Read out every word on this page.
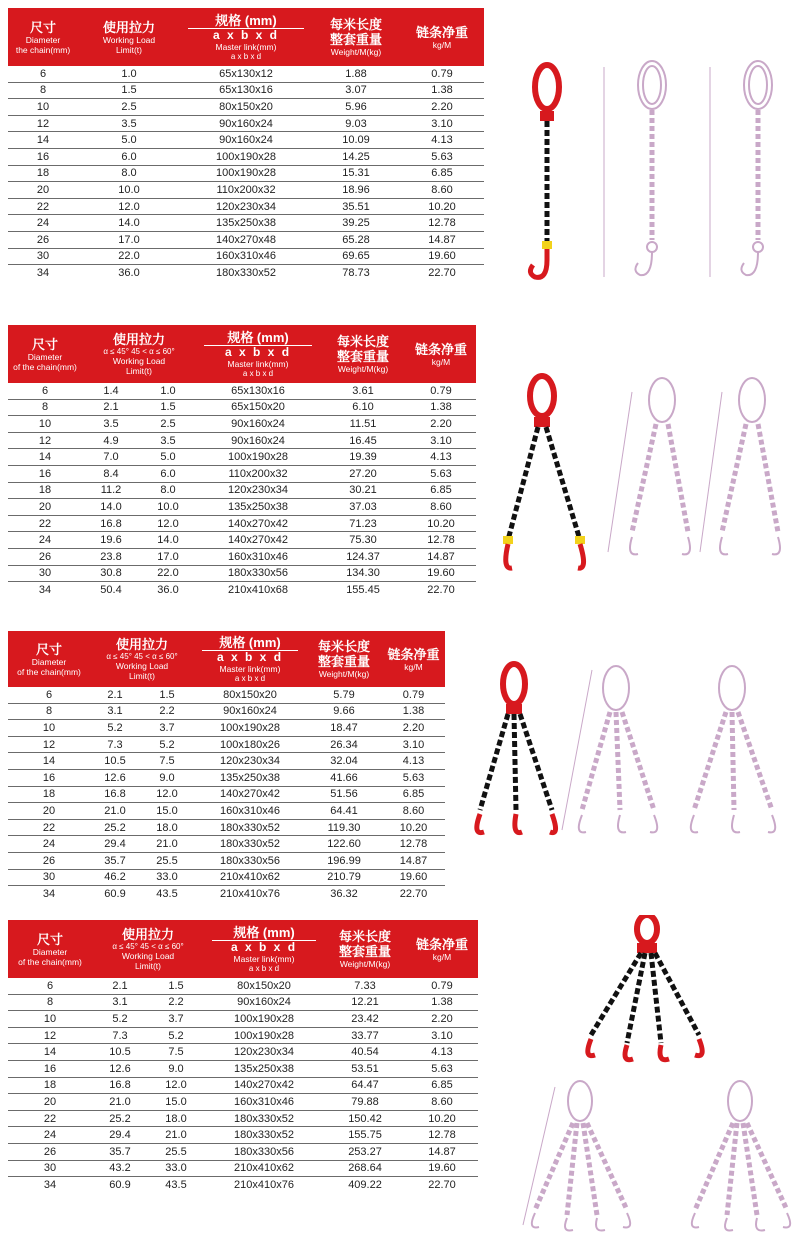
尺寸
Diameter
the chain(mm)	使用拉力
Working Load
Limit(t)	规格 (mm)
a x b x d
Master link(mm)
a x b x d	每米长度
整套重量
Weight/M(kg)	链条净重
kg/M

6	1.0	65x130x12	1.88	0.79
8	1.5	65x130x16	3.07	1.38
10	2.5	80x150x20	5.96	2.20
12	3.5	90x160x24	9.03	3.10
14	5.0	90x160x24	10.09	4.13
16	6.0	100x190x28	14.25	5.63
18	8.0	100x190x28	15.31	6.85
20	10.0	110x200x32	18.96	8.60
22	12.0	120x230x34	35.51	10.20
24	14.0	135x250x38	39.25	12.78
26	17.0	140x270x48	65.28	14.87
30	22.0	160x310x46	69.65	19.60
34	36.0	180x330x52	78.73	22.70
尺寸
Diameter
of the chain(mm)	使用拉力
α ≤ 45° 45 < α ≤ 60°
Working Load
Limit(t)		规格 (mm)
a x b x d
Master link(mm)
a x b x d	每米长度
整套重量
Weight/M(kg)	链条净重
kg/M

6	1.4	1.0	65x130x16	3.61	0.79
8	2.1	1.5	65x150x20	6.10	1.38
10	3.5	2.5	90x160x24	11.51	2.20
12	4.9	3.5	90x160x24	16.45	3.10
14	7.0	5.0	100x190x28	19.39	4.13
16	8.4	6.0	110x200x32	27.20	5.63
18	11.2	8.0	120x230x34	30.21	6.85
20	14.0	10.0	135x250x38	37.03	8.60
22	16.8	12.0	140x270x42	71.23	10.20
24	19.6	14.0	140x270x42	75.30	12.78
26	23.8	17.0	160x310x46	124.37	14.87
30	30.8	22.0	180x330x56	134.30	19.60
34	50.4	36.0	210x410x68	155.45	22.70
尺寸
Diameter
of the chain(mm)	使用拉力
α ≤ 45° 45 < α ≤ 60°
Working Load
Limit(t)		规格 (mm)
a x b x d
Master link(mm)
a x b x d	每米长度
整套重量
Weight/M(kg)	链条净重
kg/M

6	2.1	1.5	80x150x20	5.79	0.79
8	3.1	2.2	90x160x24	9.66	1.38
10	5.2	3.7	100x190x28	18.47	2.20
12	7.3	5.2	100x180x26	26.34	3.10
14	10.5	7.5	120x230x34	32.04	4.13
16	12.6	9.0	135x250x38	41.66	5.63
18	16.8	12.0	140x270x42	51.56	6.85
20	21.0	15.0	160x310x46	64.41	8.60
22	25.2	18.0	180x330x52	119.30	10.20
24	29.4	21.0	180x330x52	122.60	12.78
26	35.7	25.5	180x330x56	196.99	14.87
30	46.2	33.0	210x410x62	210.79	19.60
34	60.9	43.5	210x410x76	36.32	22.70
尺寸
Diameter
of the chain(mm)	使用拉力
α ≤ 45° 45 < α ≤ 60°
Working Load
Limit(t)		规格 (mm)
a x b x d
Master link(mm)
a x b x d	每米长度
整套重量
Weight/M(kg)	链条净重
kg/M

6	2.1	1.5	80x150x20	7.33	0.79
8	3.1	2.2	90x160x24	12.21	1.38
10	5.2	3.7	100x190x28	23.42	2.20
12	7.3	5.2	100x190x28	33.77	3.10
14	10.5	7.5	120x230x34	40.54	4.13
16	12.6	9.0	135x250x38	53.51	5.63
18	16.8	12.0	140x270x42	64.47	6.85
20	21.0	15.0	160x310x46	79.88	8.60
22	25.2	18.0	180x330x52	150.42	10.20
24	29.4	21.0	180x330x52	155.75	12.78
26	35.7	25.5	180x330x56	253.27	14.87
30	43.2	33.0	210x410x62	268.64	19.60
34	60.9	43.5	210x410x76	409.22	22.70
